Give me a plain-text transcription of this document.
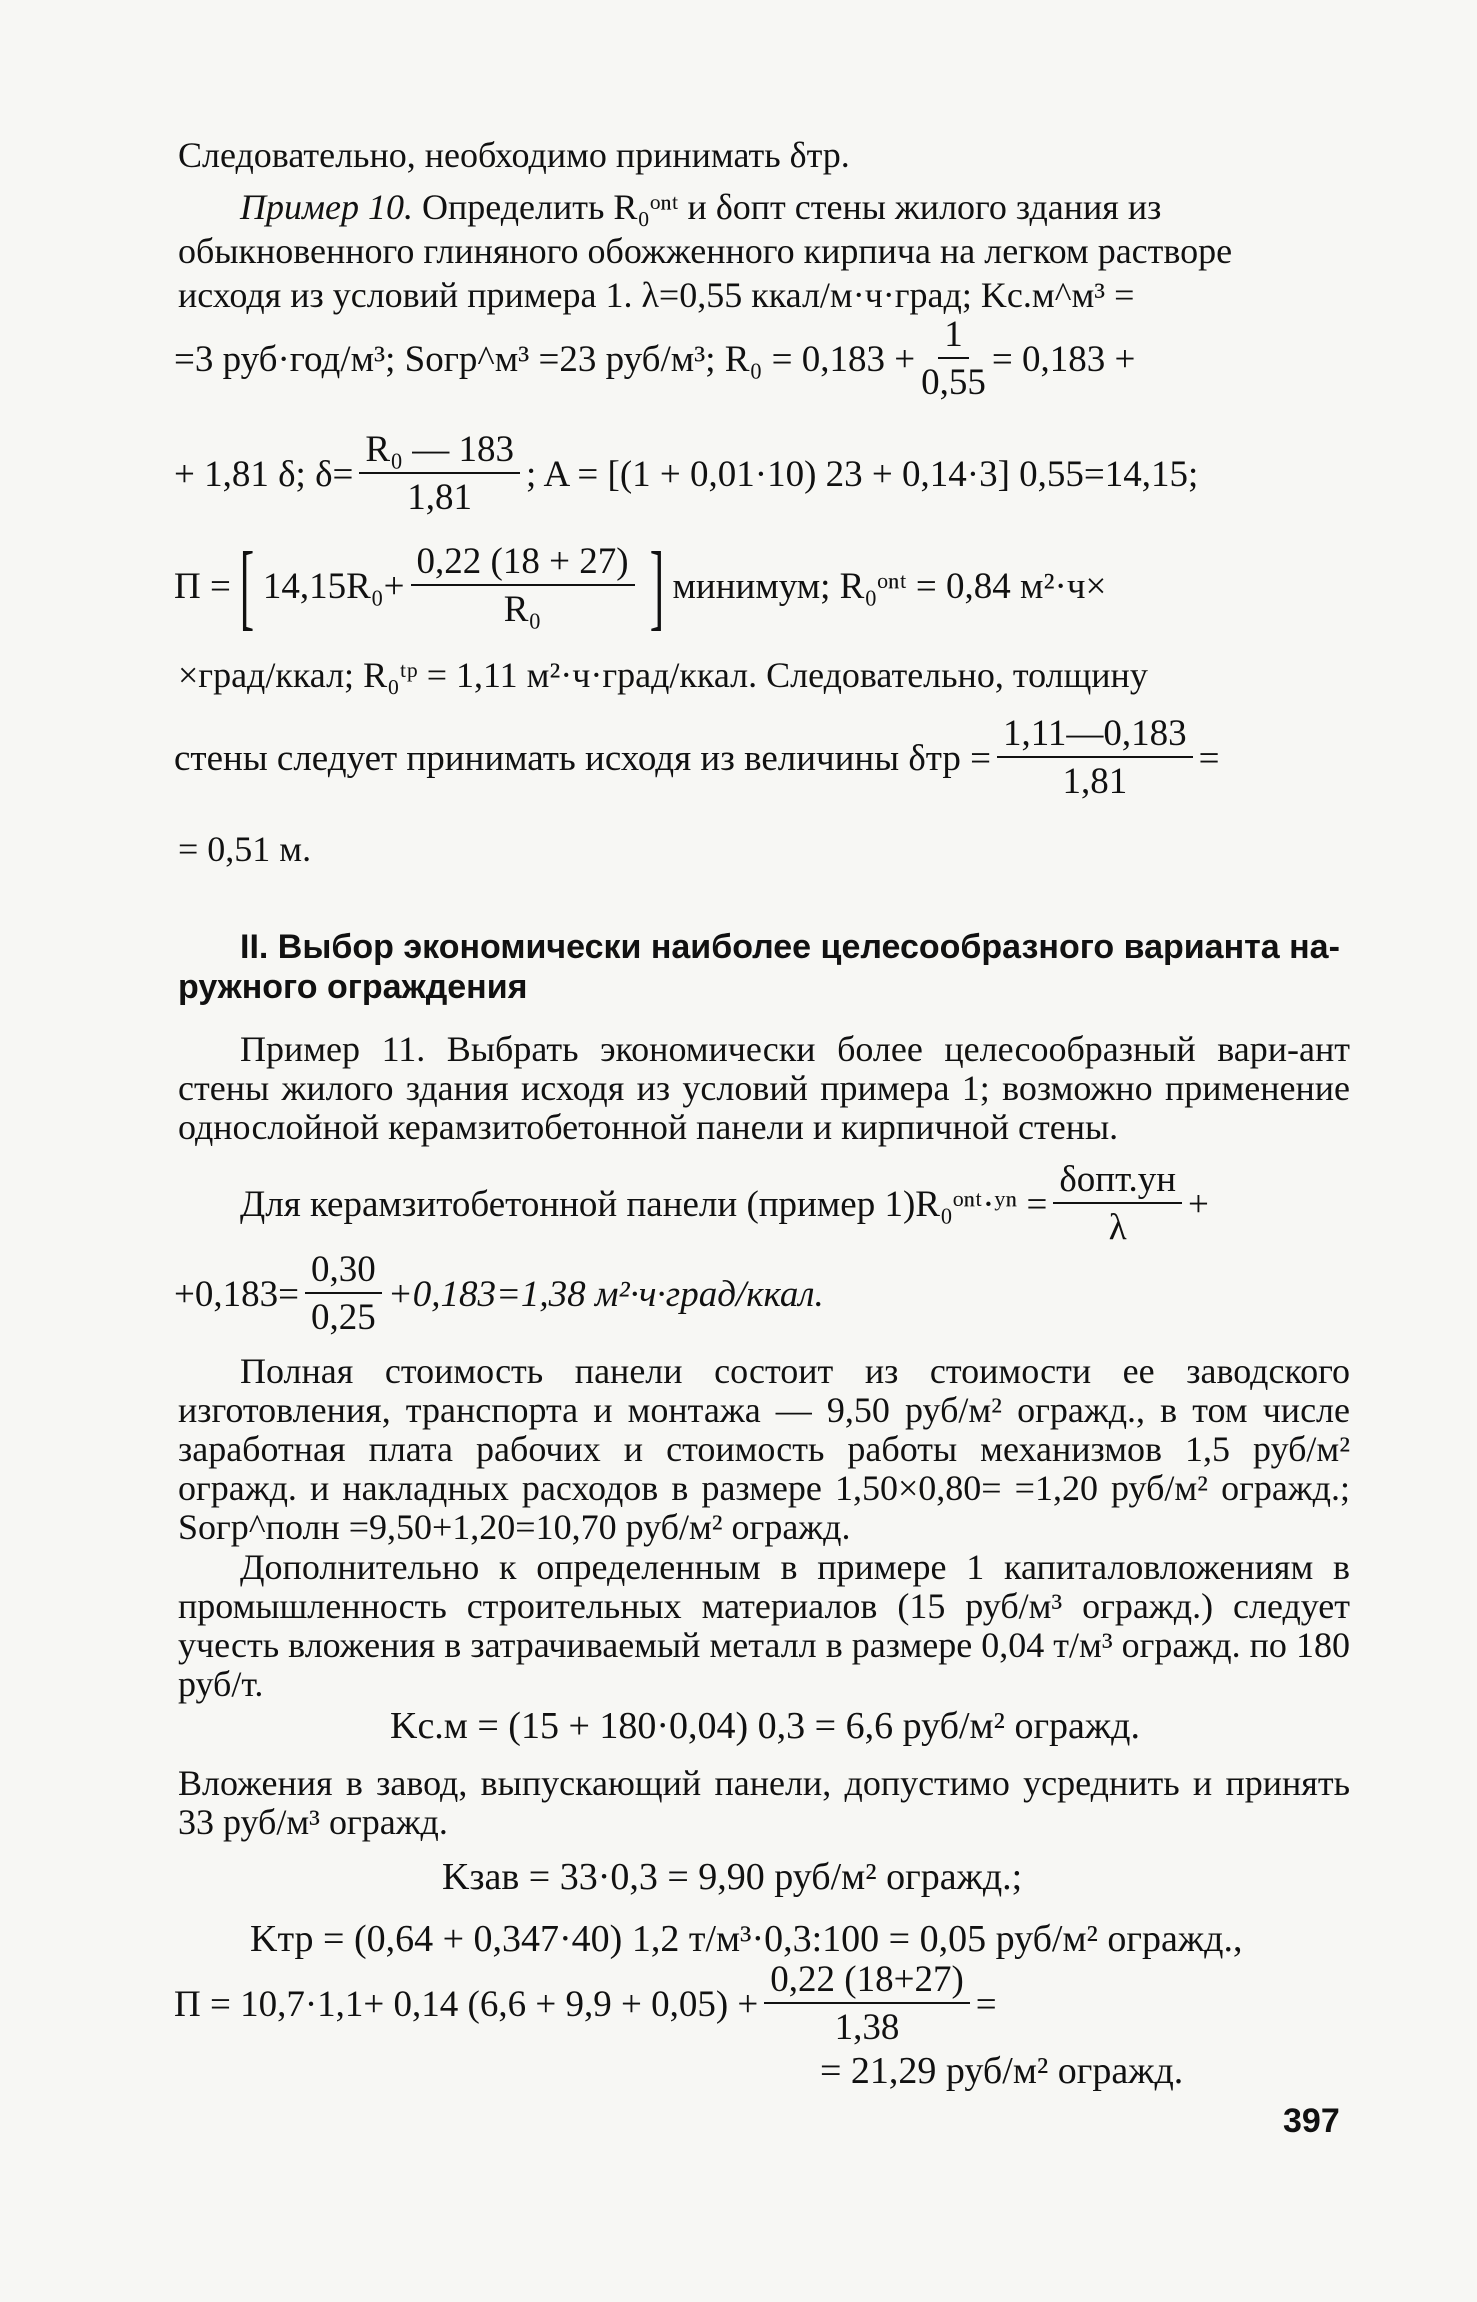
Следовательно, необходимо принимать δтр.
Пример 10. Определить R₀ᵒⁿᵗ и δопт стены жилого здания из
обыкновенного глиняного обожженного кирпича на легком растворе
исходя из условий примера 1. λ=0,55 ккал/м·ч·град; Kс.м^м³ =
=3 руб·год/м³; Sогр^м³ =23 руб/м³; $R_0 = 0,183 + \frac{1}{0,55} = 0,183$ +
+ 1,81 δ; $\delta= \frac{\text{R₀ — 183}}{1,81}$ ; A = [(1 + 0,01·10) 23 + 0,14·3] 0,55=14,15;
П = [ $14,15R_0+ \frac{0,22 (18 + 27)}{\text{R₀}}$ ] минимум; R₀ᵒⁿᵗ = 0,84 м²·ч×
×град/ккал; R₀ᵗᵖ = 1,11 м²·ч·град/ккал. Следовательно, толщину
стены следует принимать исходя из величины $\delta тр = \frac{1,11—0,183}{1,81}$ =
= 0,51 м.
II. Выбор экономически наиболее целесообразного варианта на-
ружного ограждения
Пример 11. Выбрать экономически более целесообразный вари-ант стены жилого здания исходя из условий примера 1; возможно применение однослойной керамзитобетонной панели и кирпичной стены.
Для керамзитобетонной панели (пример 1)R₀ᵒⁿᵗ·ʸⁿ = $\frac{\text{δопт.ун}}{\lambda}$ +
$+0,183= \frac{0,30}{0,25} +0,183=1,38$ м²·ч·град/ккал.
Полная стоимость панели состоит из стоимости ее заводского изготовления, транспорта и монтажа — 9,50 руб/м² огражд., в том числе заработная плата рабочих и стоимость работы механизмов 1,5 руб/м² огражд. и накладных расходов в размере 1,50×0,80= =1,20 руб/м² огражд.; Sогр^полн =9,50+1,20=10,70 руб/м² огражд.
Дополнительно к определенным в примере 1 капиталовложениям в промышленность строительных материалов (15 руб/м³ огражд.) следует учесть вложения в затрачиваемый металл в размере 0,04 т/м³ огражд. по 180 руб/т.
Kс.м = (15 + 180·0,04) 0,3 = 6,6 руб/м² огражд.
Вложения в завод, выпускающий панели, допустимо усреднить и принять 33 руб/м³ огражд.
Kзав = 33·0,3 = 9,90 руб/м² огражд.;
Kтр = (0,64 + 0,347·40) 1,2 т/м³·0,3:100 = 0,05 руб/м² огражд.,
П = 10,7·1,1+ 0,14 $(6,6 + 9,9 + 0,05) + \frac{0,22 (18+27)}{1,38}$ =
= 21,29 руб/м² огражд.
397
